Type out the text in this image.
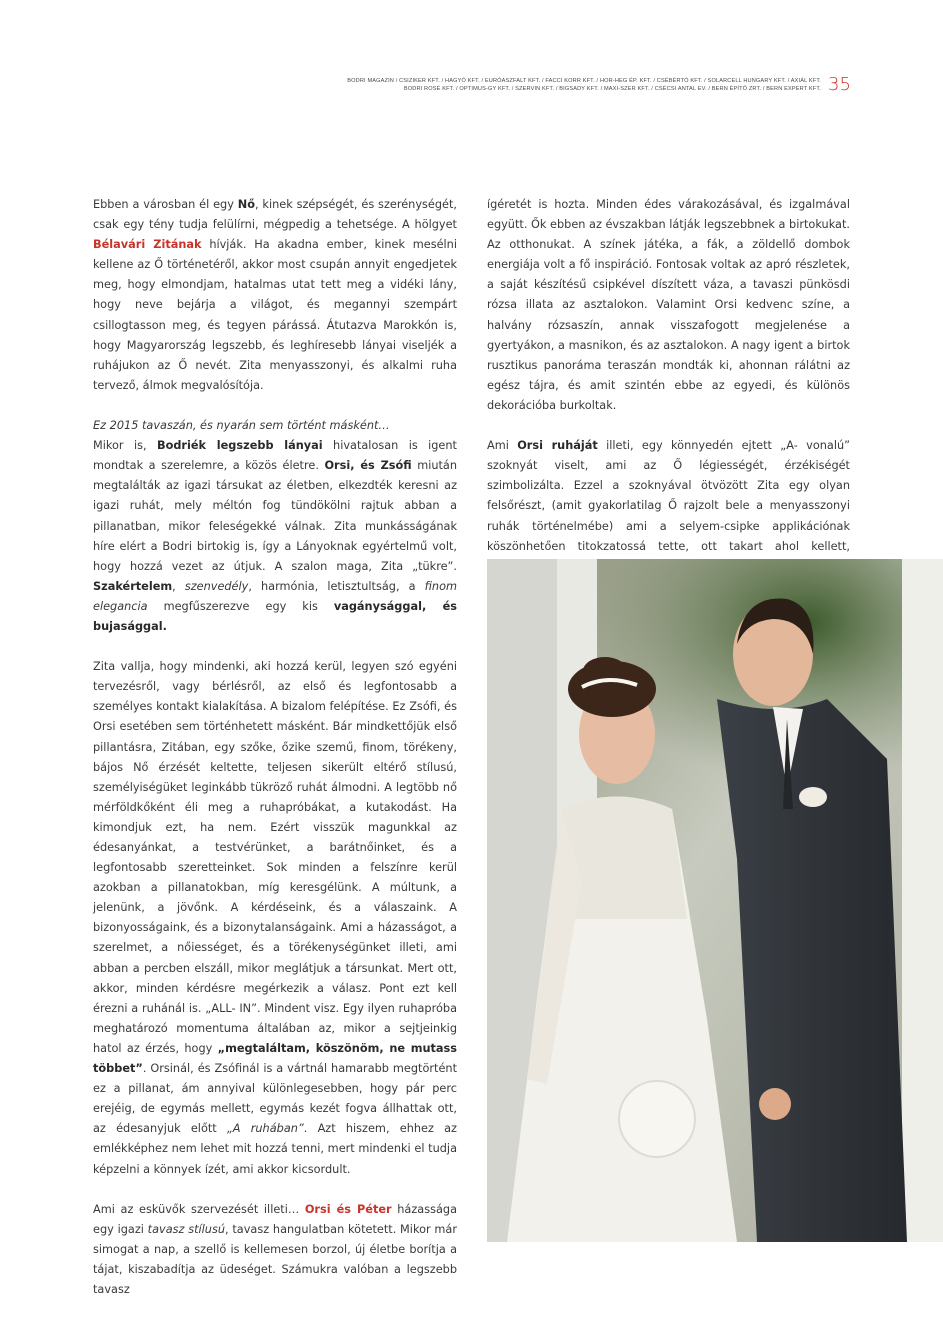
BODRI MAGAZIN / CSIZIKER KFT. / HAGYÓ KFT. / EURÓASZFALT KFT. / FACCI KORR KFT. / HOR-HEG ÉP. KFT. / CSÉBÉRTÓ KFT. / SOLARCELL HUNGARY KFT. / AXIÁL KFT.
BODRI ROSÉ KFT. / OPTIMUS-GY KFT. / SZERVIN KFT. / BIGSADY KFT. / MAXI-SZER KFT. / CSÉCSI ANTAL EV. / BERN ÉPÍTŐ ZRT. / BERN EXPERT KFT. 35

Ebben a városban él egy Nő, kinek szépségét, és szerénységét, csak egy tény tudja felülírni, mégpedig a tehetsége. A hölgyet Bélavári Zitának hívják. Ha akadna ember, kinek mesélni kellene az Ő történetéről, akkor most csupán annyit engedjetek meg, hogy elmondjam, hatalmas utat tett meg a vidéki lány, hogy neve bejárja a világot, és megannyi szempárt csillogtasson meg, és tegyen párássá. Átutazva Marokkón is, hogy Magyarország legszebb, és leghíresebb lányai viseljék a ruhájukon az Ő nevét. Zita menyasszonyi, és alkalmi ruha tervező, álmok megvalósítója.

Ez 2015 tavaszán, és nyarán sem történt másként…
Mikor is, Bodriék legszebb lányai hivatalosan is igent mondtak a szerelemre, a közös életre. Orsi, és Zsófi miután megtalálták az igazi társukat az életben, elkezdték keresni az igazi ruhát, mely méltón fog tündökölni rajtuk abban a pillanatban, mikor feleségekké válnak. Zita munkásságának híre elért a Bodri birtokig is, így a Lányoknak egyértelmű volt, hogy hozzá vezet az útjuk. A szalon maga, Zita „tükre”. Szakértelem, szenvedély, harmónia, letisztultság, a finom elegancia megfűszerezve egy kis vagánysággal, és bujasággal.

Zita vallja, hogy mindenki, aki hozzá kerül, legyen szó egyéni tervezésről, vagy bérlésről, az első és legfontosabb a személyes kontakt kialakítása. A bizalom felépítése. Ez Zsófi, és Orsi esetében sem történhetett másként. Bár mindkettőjük első pillantásra, Zitában, egy szőke, őzike szemű, finom, törékeny, bájos Nő érzését keltette, teljesen sikerült eltérő stílusú, személyiségüket leginkább tükröző ruhát álmodni. A legtöbb nő mérföldkőként éli meg a ruhapróbákat, a kutakodást. Ha kimondjuk ezt, ha nem. Ezért visszük magunkkal az édesanyánkat, a testvérünket, a barátnőinket, és a legfontosabb szeretteinket. Sok minden a felszínre kerül azokban a pillanatokban, míg keresgélünk. A múltunk, a jelenünk, a jövőnk. A kérdéseink, és a válaszaink. A bizonyosságaink, és a bizonytalanságaink. Ami a házasságot, a szerelmet, a nőiességet, és a törékenységünket illeti, ami abban a percben elszáll, mikor meglátjuk a társunkat. Mert ott, akkor, minden kérdésre megérkezik a válasz. Pont ezt kell érezni a ruhánál is. „ALL- IN”. Mindent visz. Egy ilyen ruhapróba meghatározó momentuma általában az, mikor a sejtjeinkig hatol az érzés, hogy „megtaláltam, köszönöm, ne mutass többet”. Orsinál, és Zsófinál is a vártnál hamarabb megtörtént ez a pillanat, ám annyival különlegesebben, hogy pár perc erejéig, de egymás mellett, egymás kezét fogva állhattak ott, az édesanyjuk előtt „A ruhában”. Azt hiszem, ehhez az emlékképhez nem lehet mit hozzá tenni, mert mindenki el tudja képzelni a könnyek ízét, ami akkor kicsordult.

Ami az esküvők szervezését illeti… Orsi és Péter házassága egy igazi tavasz stílusú, tavasz hangulatban kötetett. Mikor már simogat a nap, a szellő is kellemesen borzol, új életbe borítja a tájat, kiszabadítja az üdeséget. Számukra valóban a legszebb tavasz

ígéretét is hozta. Minden édes várakozásával, és izgalmával együtt. Ők ebben az évszakban látják legszebbnek a birtokukat. Az otthonukat. A színek játéka, a fák, a zöldellő dombok energiája volt a fő inspiráció. Fontosak voltak az apró részletek, a saját készítésű csipkével díszített váza, a tavaszi pünkösdi rózsa illata az asztalokon. Valamint Orsi kedvenc színe, a halvány rózsaszín, annak visszafogott megjelenése a gyertyákon, a masnikon, és az asztalokon. A nagy igent a birtok rusztikus panoráma teraszán mondták ki, ahonnan rálátni az egész tájra, és amit szintén ebbe az egyedi, és különös dekorációba burkoltak.

Ami Orsi ruháját illeti, egy könnyedén ejtett „A- vonalú” szoknyát viselt, ami az Ő légiességét, érzékiségét szimbolizálta. Ezzel a szoknyával ötvözött Zita egy olyan felsőrészt, (amit gyakorlatilag Ő rajzolt bele a menyasszonyi ruhák történelmébe) ami a selyem-csipke applikációnak köszönhetően titokzatossá tette, ott takart ahol kellett,
